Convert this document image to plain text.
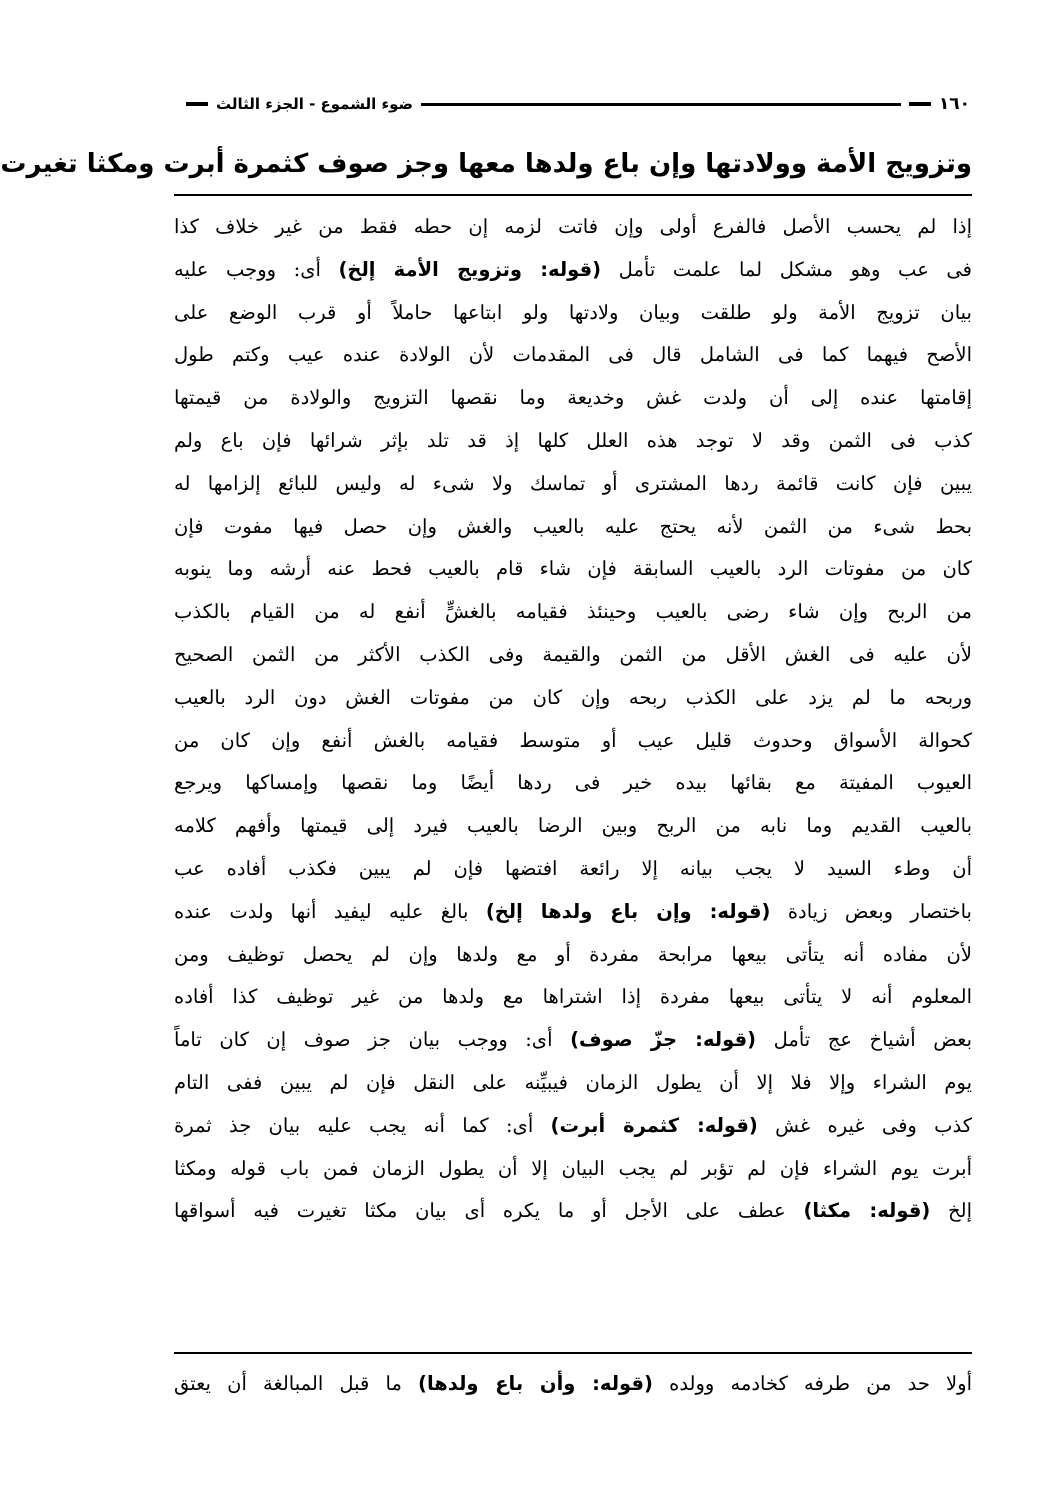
١٦٠
ضوء الشموع - الجزء الثالث
وتزويج الأمة وولادتها وإن باع ولدها معها وجز صوف كثمرة أبرت ومكثا تغيرت
إذا لم يحسب الأصل فالفرع أولى وإن فاتت لزمه إن حطه فقط من غير خلاف كذا
فى عب وهو مشكل لما علمت تأمل (قوله: وتزويج الأمة إلخ) أى: ووجب عليه
بيان تزويج الأمة ولو طلقت وبيان ولادتها ولو ابتاعها حاملاً أو قرب الوضع على
الأصح فيهما كما فى الشامل قال فى المقدمات لأن الولادة عنده عيب وكتم طول
إقامتها عنده إلى أن ولدت غش وخديعة وما نقصها التزويج والولادة من قيمتها
كذب فى الثمن وقد لا توجد هذه العلل كلها إذ قد تلد بإثر شرائها فإن باع ولم
يبين فإن كانت قائمة ردها المشترى أو تماسك ولا شىء له وليس للبائع إلزامها له
بحط شىء من الثمن لأنه يحتج عليه بالعيب والغش وإن حصل فيها مفوت فإن
كان من مفوتات الرد بالعيب السابقة فإن شاء قام بالعيب فحط عنه أرشه وما ينوبه
من الربح وإن شاء رضى بالعيب وحينئذ فقيامه بالغشٍّ أنفع له من القيام بالكذب
لأن عليه فى الغش الأقل من الثمن والقيمة وفى الكذب الأكثر من الثمن الصحيح
وربحه ما لم يزد على الكذب ربحه وإن كان من مفوتات الغش دون الرد بالعيب
كحوالة الأسواق وحدوث قليل عيب أو متوسط فقيامه بالغش أنفع وإن كان من
العيوب المفيتة مع بقائها بيده خير فى ردها أيضًا وما نقصها وإمساكها ويرجع
بالعيب القديم وما نابه من الربح وبين الرضا بالعيب فيرد إلى قيمتها وأفهم كلامه
أن وطء السيد لا يجب بيانه إلا رائعة افتضها فإن لم يبين فكذب أفاده عب
باختصار وبعض زيادة (قوله: وإن باع ولدها إلخ) بالغ عليه ليفيد أنها ولدت عنده
لأن مفاده أنه يتأتى بيعها مرابحة مفردة أو مع ولدها وإن لم يحصل توظيف ومن
المعلوم أنه لا يتأتى بيعها مفردة إذا اشتراها مع ولدها من غير توظيف كذا أفاده
بعض أشياخ عج تأمل (قوله: جزّ صوف) أى: ووجب بيان جز صوف إن كان تاماً
يوم الشراء وإلا فلا إلا أن يطول الزمان فيبيِّنه على النقل فإن لم يبين ففى التام
كذب وفى غيره غش (قوله: كثمرة أبرت) أى: كما أنه يجب عليه بيان جذ ثمرة
أبرت يوم الشراء فإن لم تؤبر لم يجب البيان إلا أن يطول الزمان فمن باب قوله ومكثا
إلخ (قوله: مكثا) عطف على الأجل أو ما يكره أى بيان مكثا تغيرت فيه أسواقها
أولا حد من طرفه كخادمه وولده (قوله: وأن باع ولدها) ما قبل المبالغة أن يعتق
